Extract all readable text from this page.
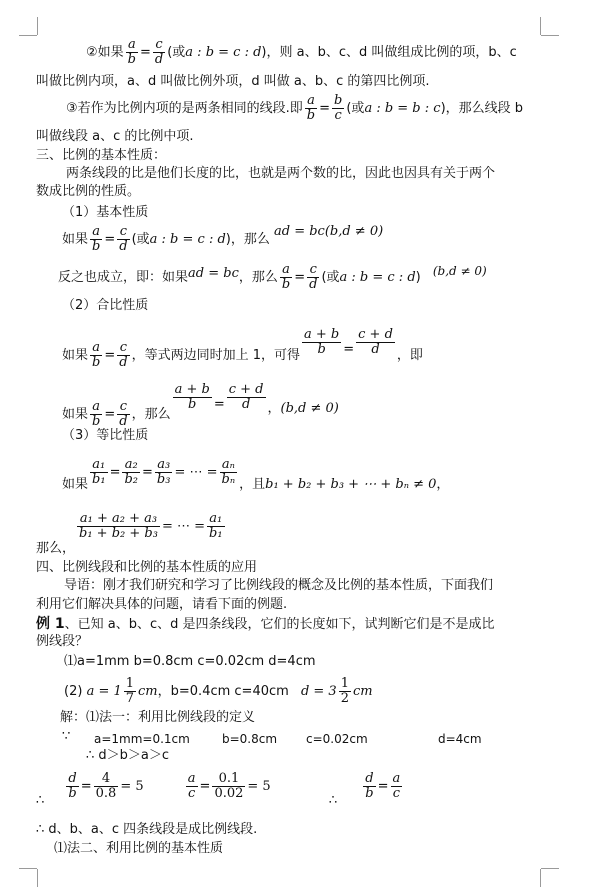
②如果 $\frac{a}{b} = \frac{c}{d}$ (或a : b = c : d)，则 a、b、c、d 叫做组成比例的项，b、c
叫做比例内项，a、d 叫做比例外项，d 叫做 a、b、c 的第四比例项.
③若作为比例内项的是两条相同的线段.即 $\frac{a}{b} = \frac{b}{c}$ (或a : b = b : c)，那么线段 b
叫做线段 a、c 的比例中项.
三、比例的基本性质：
两条线段的比是他们长度的比，也就是两个数的比，因此也因具有关于两个
数成比例的性质。
（1）基本性质
如果 $\frac{a}{b} = \frac{c}{d}$ (或a : b = c : d)，那么 ad = bc(b,d ≠ 0)
反之也成立，即：如果ad = bc，那么 $\frac{a}{b} = \frac{c}{d}$ (或a : b = c : d) (b,d ≠ 0)
（2）合比性质
如果 $\frac{a}{b} = \frac{c}{d}$ ，等式两边同时加上 1，可得 $\frac{a + b}{b} = \frac{c + d}{d}$ ，即
如果 $\frac{a}{b} = \frac{c}{d}$ ，那么
$\frac{a + b}{b} = \frac{c + d}{d}$ ，(b,d ≠ 0)
（3）等比性质
如果 $\frac{\text{a₁}}{\text{b₁}} = \frac{\text{a₂}}{\text{b₂}} = \frac{\text{a₃}}{\text{b₃}}$ = ⋯ = $\frac{\text{aₙ}}{\text{bₙ}}$ ，且b₁ + b₂ + b₃ + ⋯ + bₙ ≠ 0，
那么，
$\frac{\text{a₁ + a₂ + a₃}}{\text{b₁ + b₂ + b₃}}$ = ⋯ = $\frac{\text{a₁}}{\text{b₁}}$
四、比例线段和比例的基本性质的应用
导语：刚才我们研究和学习了比例线段的概念及比例的基本性质，下面我们
利用它们解决具体的问题，请看下面的例题.
例 1、已知 a、b、c、d 是四条线段，它们的长度如下，试判断它们是不是成比
例线段？
⑴a=1mm b=0.8cm c=0.02cm d=4cm
(2) $a = 1 \frac{1}{7}$ cm，b=0.4cm c=40cm $d = 3 \frac{1}{2}$ cm
解：⑴法一：利用比例线段的定义
∵ a=1mm=0.1cm	b=0.8cm c=0.02cm	d=4cm
∴ d＞b＞a＞c
∴ $\frac{d}{b} = \frac{4}{0.8} = 5$	$\frac{a}{c} = \frac{0.1}{0.02} = 5$ ∴ $\frac{d}{b} = \frac{a}{c}$
∴ d、b、a、c 四条线段是成比例线段.
⑴法二、利用比例的基本性质
